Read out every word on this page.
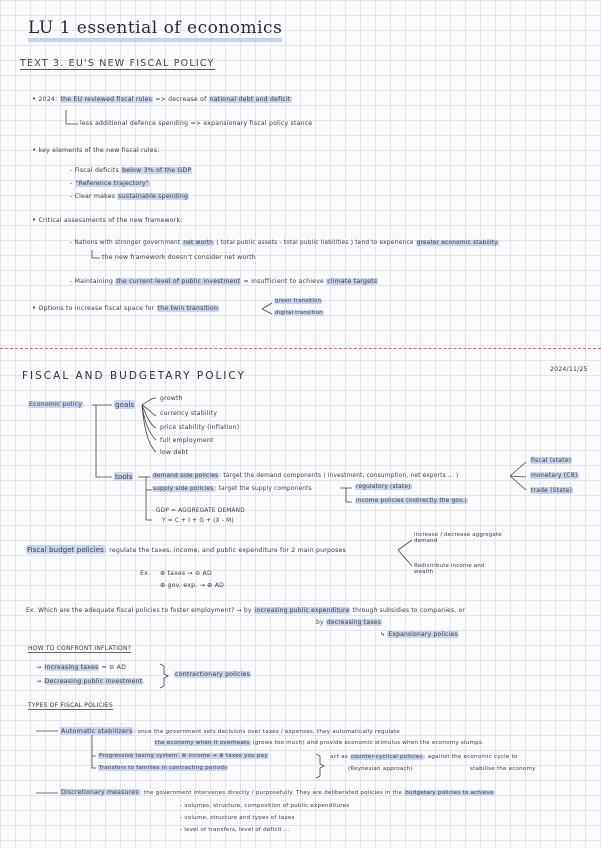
LU 1 essential of economics
TEXT 3. EU'S NEW FISCAL POLICY
• 2024: the EU reviewed fiscal rules => decrease of national debt and deficit
less additional defence spending => expansionary fiscal policy stance
• key elements of the new fiscal rules:
- Fiscal deficits below 3% of the GDP
- "Reference trajectory"
- Clear makes sustainable spending
• Critical assessments of the new framework:
- Nations with stronger government net worth ( total public assets - total public liabilities ) tend to experience greater economic stability
the new framework doesn't consider net worth
- Maintaining the current level of public investment = insufficient to achieve climate targets
• Options to increase fiscal space for the twin transition
green transition
digital transition
FISCAL AND BUDGETARY POLICY
2024/11/25
Economic policy	goals
growth
currency stability
price stability (inflation)
full employment
low debt
tools	demand side policies: target the demand components ( investment, consumption, net exports ... )
supply side policies: target the supply components	regulatory (state)
income policies (indirectly the gov.)
fiscal (state)
monetary (CB)
trade (State)
GDP = AGGREGATE DEMAND
Y = C + I + G + (X - M)
Fiscal budget policies: regulate the taxes, income, and public expenditure for 2 main purposes
increase / decrease aggregate demand
Redistribute income and wealth
Ex. ⊕ taxes → ⊖ AD
⊕ gov. exp. → ⊕ AD
Ex. Which are the adequate fiscal policies to foster employment? → by increasing public expenditure through subsidies to companies, or
by decreasing taxes
↳ Expansionary policies
HOW TO CONFRONT INFLATION?
→ Increasing taxes = ⊖ AD
→ Decreasing public investment
contractionary policies
TYPES OF FISCAL POLICIES
Automatic stabilizers: once the government sets decisions over taxes / expenses, they automatically regulate
the economy when it overheats (grows too much) and provide economic stimulus when the economy slumps.
Progressive taxing system: ⊕ income → ⊕ taxes you pay
Transfers to families in contracting periods
act as counter-cyclical policies: against the economic cycle to
(Keynesian approach)	stabilise the economy
Discretionary measures: the government intervenes directly / purposefully. They are deliberated policies in the budgetary policies to achieve
- volumes, structure, composition of public expenditures
- volume, structure and types of taxes
- level of transfers, level of deficit ...
